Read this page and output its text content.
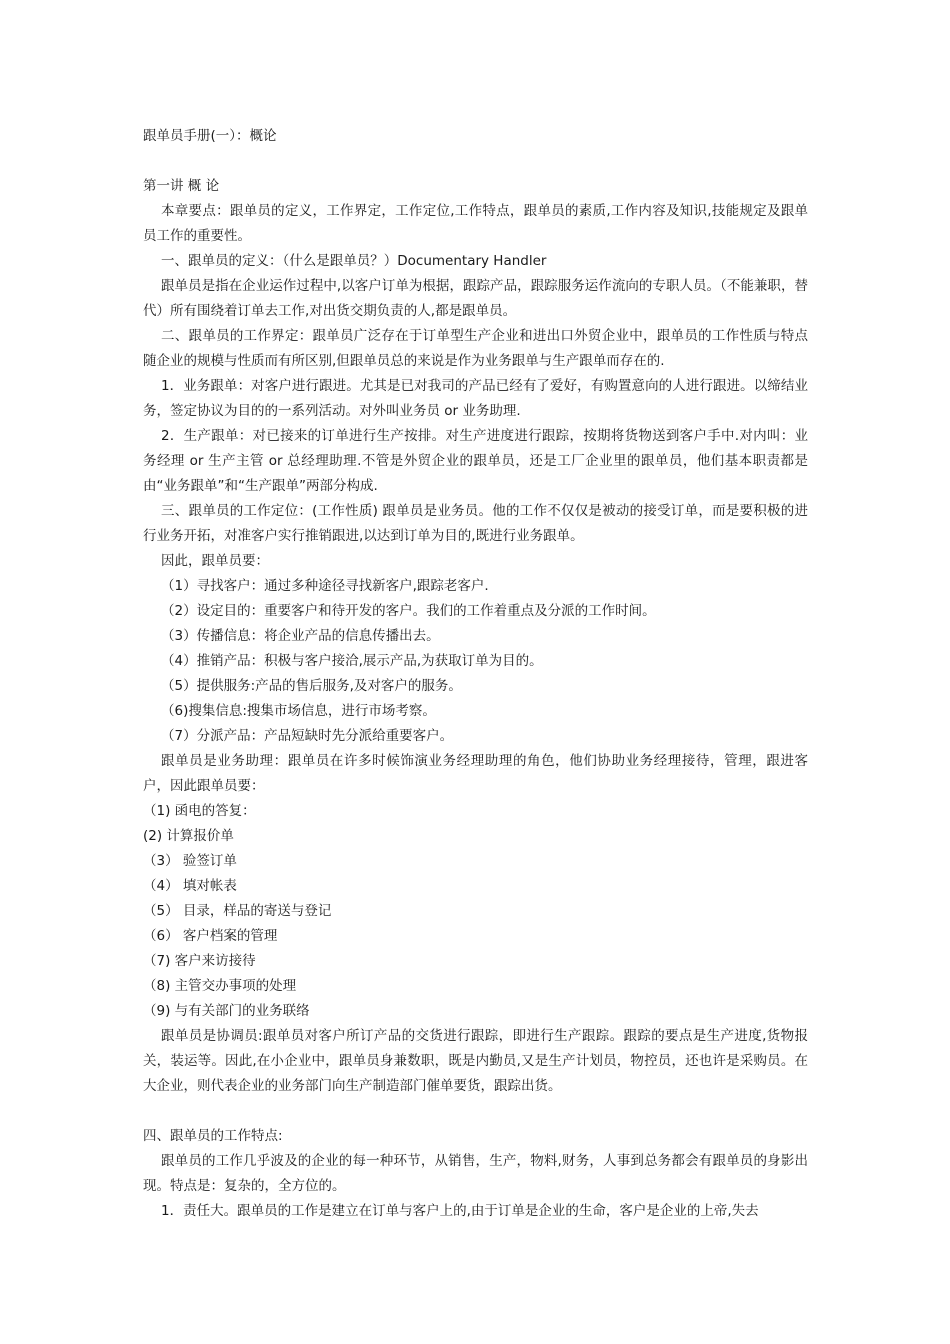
跟单员手册(一）：概论
第一讲 概 论

本章要点：跟单员的定义，工作界定，工作定位,工作特点，跟单员的素质,工作内容及知识,技能规定及跟单员工作的重要性。

一、跟单员的定义：（什么是跟单员？）Documentary Handler

跟单员是指在企业运作过程中,以客户订单为根据，跟踪产品，跟踪服务运作流向的专职人员。（不能兼职，替代）所有围绕着订单去工作,对出货交期负责的人,都是跟单员。

二、跟单员的工作界定：跟单员广泛存在于订单型生产企业和进出口外贸企业中，跟单员的工作性质与特点随企业的规模与性质而有所区别,但跟单员总的来说是作为业务跟单与生产跟单而存在的.

1．业务跟单：对客户进行跟进。尤其是已对我司的产品已经有了爱好，有购置意向的人进行跟进。以缔结业务，签定协议为目的的一系列活动。对外叫业务员 or 业务助理.

2．生产跟单：对已接来的订单进行生产按排。对生产进度进行跟踪，按期将货物送到客户手中.对内叫：业务经理 or 生产主管 or 总经理助理.不管是外贸企业的跟单员，还是工厂企业里的跟单员，他们基本职责都是由“业务跟单”和“生产跟单”两部分构成.

三、跟单员的工作定位：(工作性质) 跟单员是业务员。他的工作不仅仅是被动的接受订单，而是要积极的进行业务开拓，对准客户实行推销跟进,以达到订单为目的,既进行业务跟单。

因此，跟单员要：
（1）寻找客户：通过多种途径寻找新客户,跟踪老客户.
（2）设定目的：重要客户和待开发的客户。我们的工作着重点及分派的工作时间。
（3）传播信息：将企业产品的信息传播出去。
（4）推销产品：积极与客户接洽,展示产品,为获取订单为目的。
（5）提供服务:产品的售后服务,及对客户的服务。
（6)搜集信息:搜集市场信息，进行市场考察。
（7）分派产品：产品短缺时先分派给重要客户。

跟单员是业务助理：跟单员在许多时候饰演业务经理助理的角色，他们协助业务经理接待，管理，跟进客户，因此跟单员要：

（1) 函电的答复：
(2) 计算报价单
（3） 验签订单
（4） 填对帐表
（5） 目录，样品的寄送与登记
（6） 客户档案的管理
（7) 客户来访接待
（8) 主管交办事项的处理
（9) 与有关部门的业务联络

跟单员是协调员:跟单员对客户所订产品的交货进行跟踪，即进行生产跟踪。跟踪的要点是生产进度,货物报关，装运等。因此,在小企业中，跟单员身兼数职，既是内勤员,又是生产计划员，物控员，还也许是采购员。在大企业，则代表企业的业务部门向生产制造部门催单要货，跟踪出货。

四、跟单员的工作特点:

跟单员的工作几乎波及的企业的每一种环节，从销售，生产，物料,财务，人事到总务都会有跟单员的身影出现。特点是：复杂的，全方位的。

1．责任大。跟单员的工作是建立在订单与客户上的,由于订单是企业的生命，客户是企业的上帝,失去
